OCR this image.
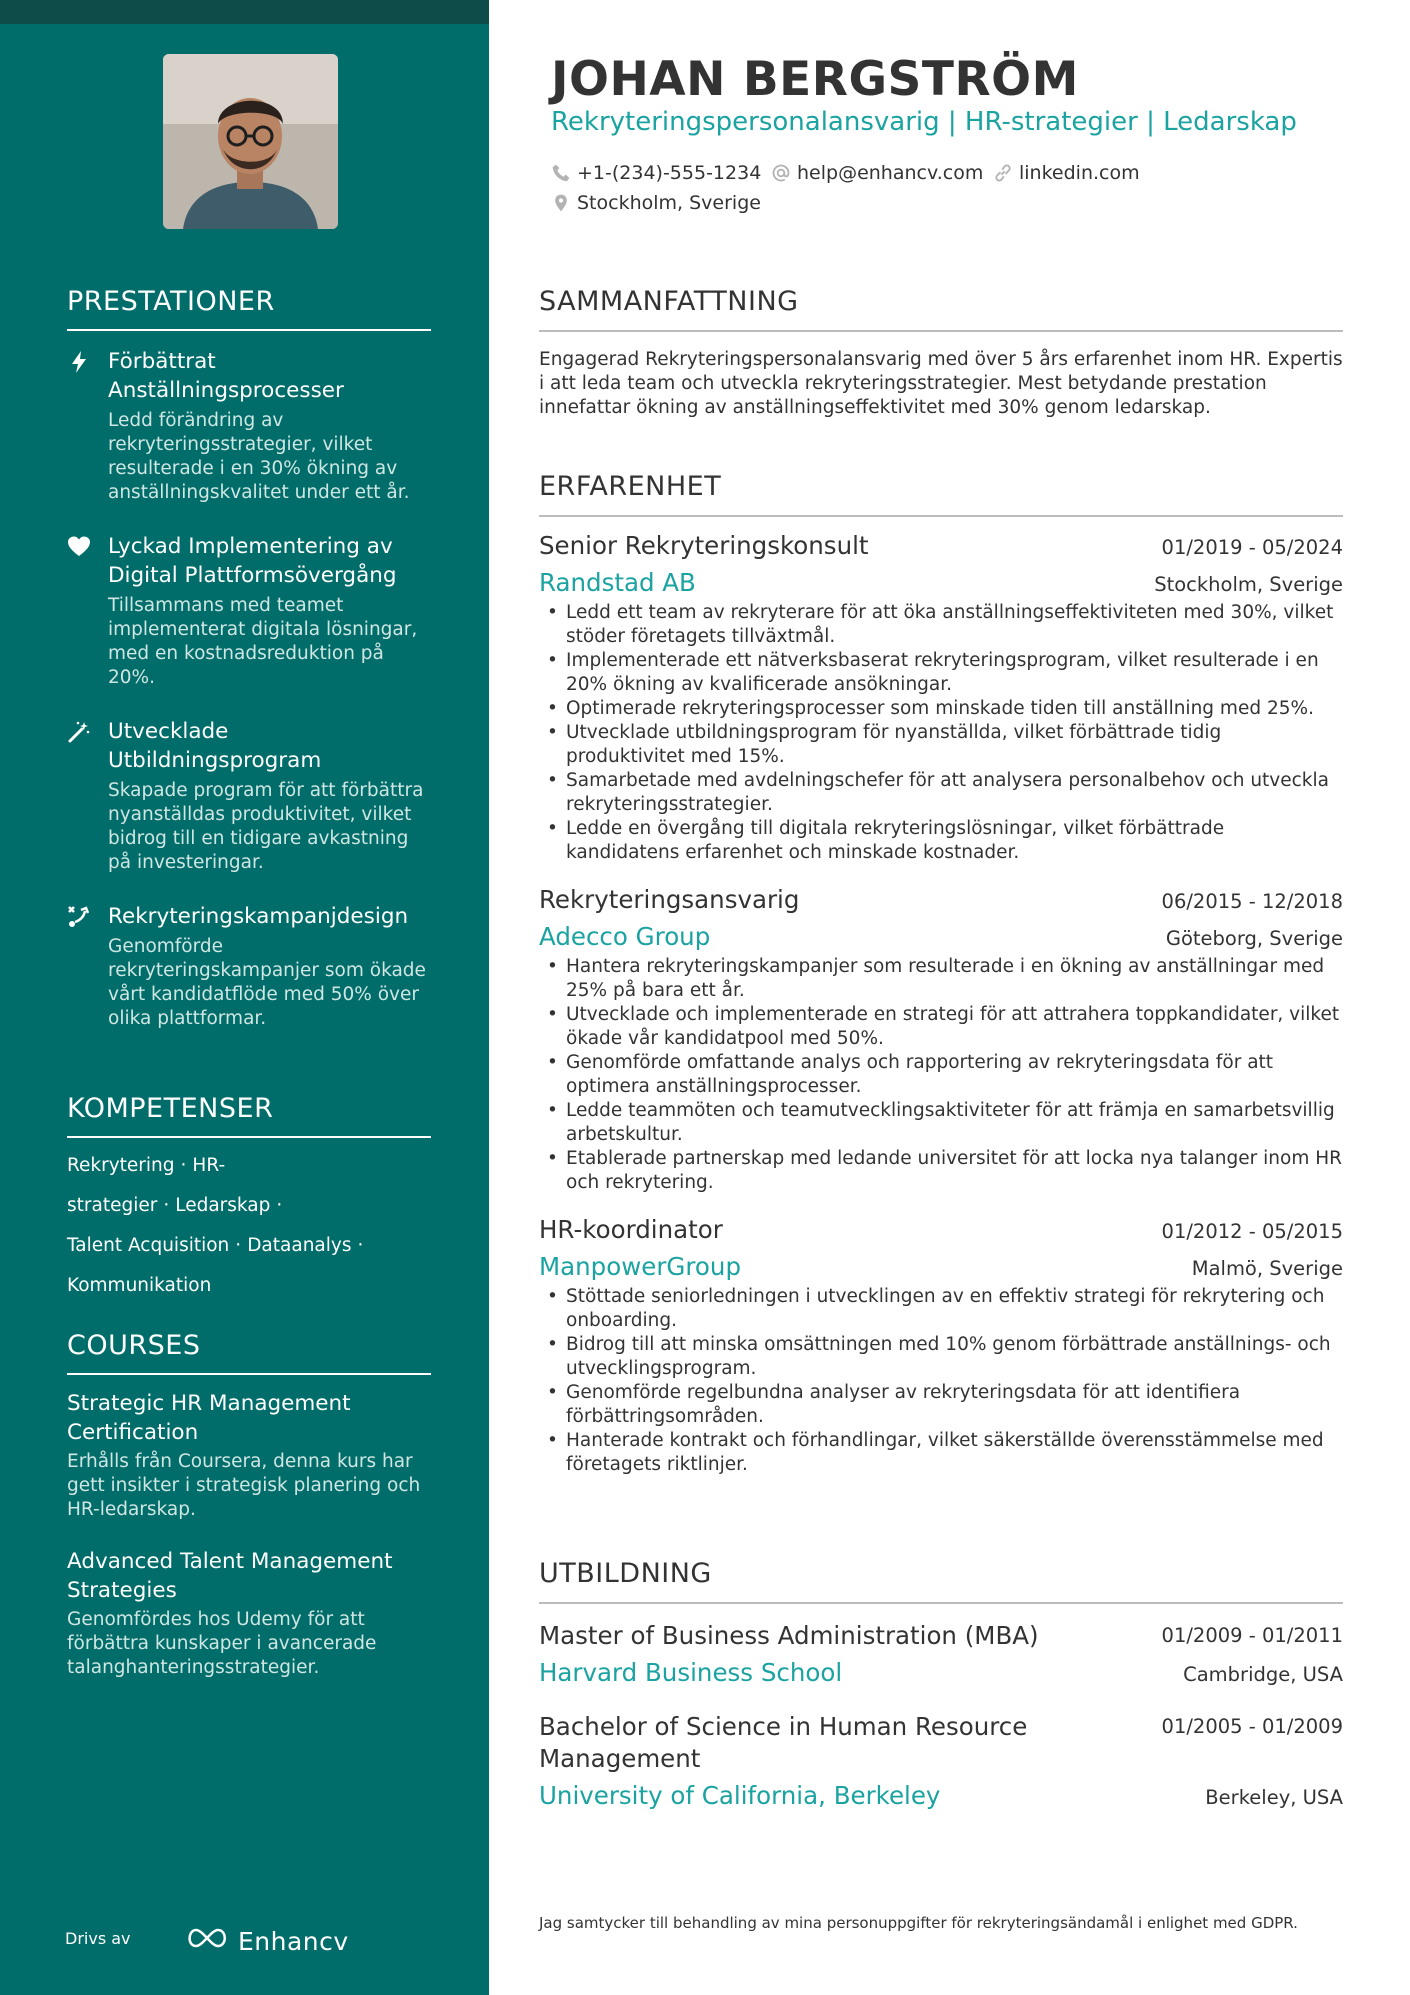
PRESTATIONER
Förbättrat Anställningsprocesser
Ledd förändring av rekryteringsstrategier, vilket resulterade i en 30% ökning av anställningskvalitet under ett år.
Lyckad Implementering av Digital Plattformsövergång
Tillsammans med teamet implementerat digitala lösningar, med en kostnadsreduktion på 20%.
Utvecklade Utbildningsprogram
Skapade program för att förbättra nyanställdas produktivitet, vilket bidrog till en tidigare avkastning på investeringar.
Rekryteringskampanjdesign
Genomförde rekryteringskampanjer som ökade vårt kandidatflöde med 50% över olika plattformar.
KOMPETENSER
Rekrytering · HR-strategier · Ledarskap ·
Talent Acquisition · Dataanalys ·
Kommunikation
COURSES
Strategic HR Management Certification
Erhålls från Coursera, denna kurs har gett insikter i strategisk planering och HR-ledarskap.
Advanced Talent Management Strategies
Genomfördes hos Udemy för att förbättra kunskaper i avancerade talanghanteringsstrategier.
Drivs av	Enhancv
JOHAN BERGSTRÖM
Rekryteringspersonalansvarig | HR-strategier | Ledarskap
+1-(234)-555-1234 help@enhancv.com linkedin.com
Stockholm, Sverige
SAMMANFATTNING
Engagerad Rekryteringspersonalansvarig med över 5 års erfarenhet inom HR. Expertis i att leda team och utveckla rekryteringsstrategier. Mest betydande prestation innefattar ökning av anställningseffektivitet med 30% genom ledarskap.
ERFARENHET
Senior Rekryteringskonsult	01/2019 - 05/2024
Randstad AB	Stockholm, Sverige
• Ledd ett team av rekryterare för att öka anställningseffektiviteten med 30%, vilket stöder företagets tillväxtmål.
• Implementerade ett nätverksbaserat rekryteringsprogram, vilket resulterade i en 20% ökning av kvalificerade ansökningar.
• Optimerade rekryteringsprocesser som minskade tiden till anställning med 25%.
• Utvecklade utbildningsprogram för nyanställda, vilket förbättrade tidig produktivitet med 15%.
• Samarbetade med avdelningschefer för att analysera personalbehov och utveckla rekryteringsstrategier.
• Ledde en övergång till digitala rekryteringslösningar, vilket förbättrade kandidatens erfarenhet och minskade kostnader.
Rekryteringsansvarig	06/2015 - 12/2018
Adecco Group	Göteborg, Sverige
• Hantera rekryteringskampanjer som resulterade i en ökning av anställningar med 25% på bara ett år.
• Utvecklade och implementerade en strategi för att attrahera toppkandidater, vilket ökade vår kandidatpool med 50%.
• Genomförde omfattande analys och rapportering av rekryteringsdata för att optimera anställningsprocesser.
• Ledde teammöten och teamutvecklingsaktiviteter för att främja en samarbetsvillig arbetskultur.
• Etablerade partnerskap med ledande universitet för att locka nya talanger inom HR och rekrytering.
HR-koordinator	01/2012 - 05/2015
ManpowerGroup	Malmö, Sverige
• Stöttade seniorledningen i utvecklingen av en effektiv strategi för rekrytering och onboarding.
• Bidrog till att minska omsättningen med 10% genom förbättrade anställnings- och utvecklingsprogram.
• Genomförde regelbundna analyser av rekryteringsdata för att identifiera förbättringsområden.
• Hanterade kontrakt och förhandlingar, vilket säkerställde överensstämmelse med företagets riktlinjer.
UTBILDNING
Master of Business Administration (MBA)	01/2009 - 01/2011
Harvard Business School	Cambridge, USA
Bachelor of Science in Human Resource Management
01/2005 - 01/2009
University of California, Berkeley	Berkeley, USA
Jag samtycker till behandling av mina personuppgifter för rekryteringsändamål i enlighet med GDPR.
